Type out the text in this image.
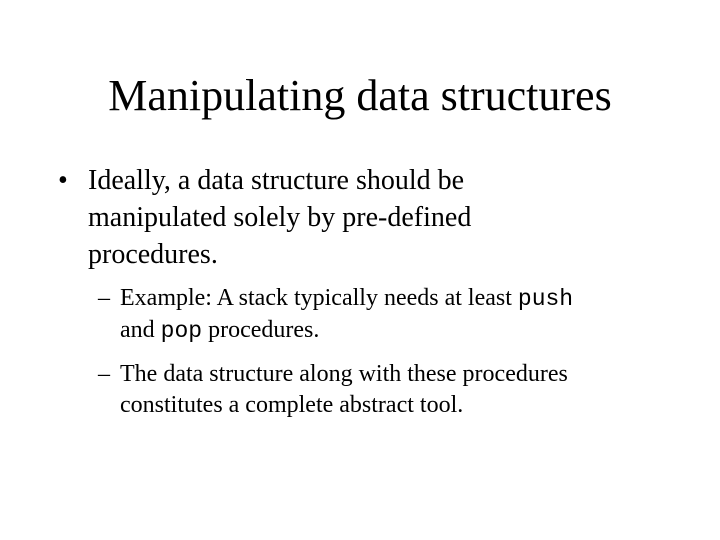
Manipulating data structures
• Ideally, a data structure should be
manipulated solely by pre-defined
procedures.
– Example: A stack typically needs at least push
and pop procedures.
– The data structure along with these procedures
constitutes a complete abstract tool.
